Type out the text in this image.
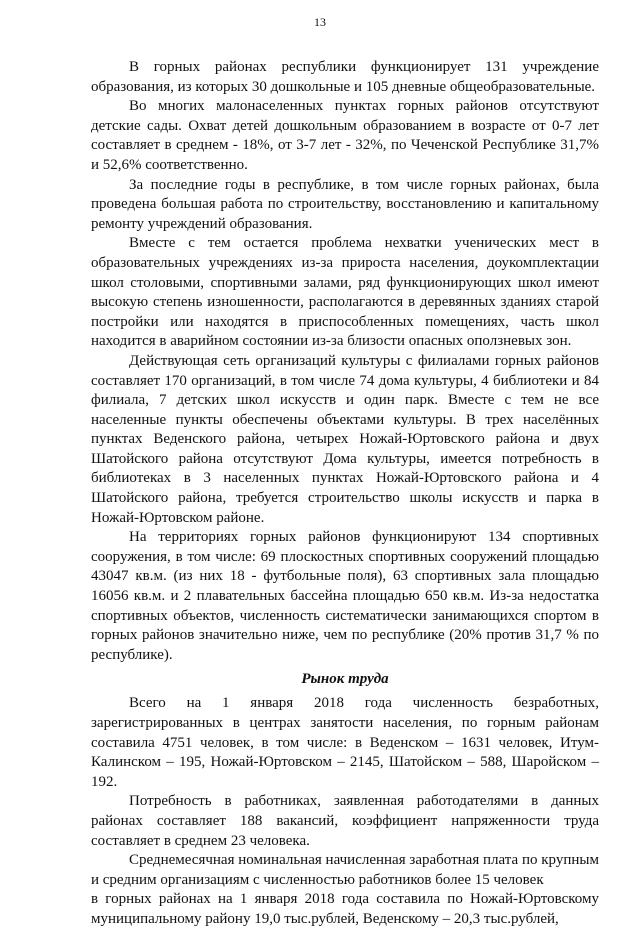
13

В горных районах республики функционирует 131 учреждение образования, из которых 30 дошкольные и 105 дневные общеобразовательные.

Во многих малонаселенных пунктах горных районов отсутствуют детские сады. Охват детей дошкольным образованием в возрасте от 0-7 лет составляет в среднем - 18%, от 3-7 лет - 32%, по Чеченской Республике 31,7% и 52,6% соответственно.

За последние годы в республике, в том числе горных районах, была проведена большая работа по строительству, восстановлению и капитальному ремонту учреждений образования.

Вместе с тем остается проблема нехватки ученических мест в образовательных учреждениях из-за прироста населения, доукомплектации школ столовыми, спортивными залами, ряд функционирующих школ имеют высокую степень изношенности, располагаются в деревянных зданиях старой постройки или находятся в приспособленных помещениях, часть школ находится в аварийном состоянии из-за близости опасных оползневых зон.

Действующая сеть организаций культуры с филиалами горных районов составляет 170 организаций, в том числе 74 дома культуры, 4 библиотеки и 84 филиала, 7 детских школ искусств и один парк. Вместе с тем не все населенные пункты обеспечены объектами культуры. В трех населённых пунктах Веденского района, четырех Ножай-Юртовского района и двух Шатойского района отсутствуют Дома культуры, имеется потребность в библиотеках в 3 населенных пунктах Ножай-Юртовского района и 4 Шатойского района, требуется строительство школы искусств и парка в Ножай-Юртовском районе.

На территориях горных районов функционируют 134 спортивных сооружения, в том числе: 69 плоскостных спортивных сооружений площадью 43047 кв.м. (из них 18 - футбольные поля), 63 спортивных зала площадью 16056 кв.м. и 2 плавательных бассейна площадью 650 кв.м. Из-за недостатка спортивных объектов, численность систематически занимающихся спортом в горных районов значительно ниже, чем по республике (20% против 31,7 % по республике).

Рынок труда

Всего на 1 января 2018 года численность безработных, зарегистрированных в центрах занятости населения, по горным районам составила 4751 человек, в том числе: в Веденском – 1631 человек, Итум-Калинском – 195, Ножай-Юртовском – 2145, Шатойском – 588, Шаройском – 192.

Потребность в работниках, заявленная работодателями в данных районах составляет 188 вакансий, коэффициент напряженности труда составляет в среднем 23 человека.

Среднемесячная номинальная начисленная заработная плата по крупным и средним организациям с численностью работников более 15 человек

в горных районах на 1 января 2018 года составила по Ножай-Юртовскому муниципальному району 19,0 тыс.рублей, Веденскому – 20,3 тыс.рублей,
